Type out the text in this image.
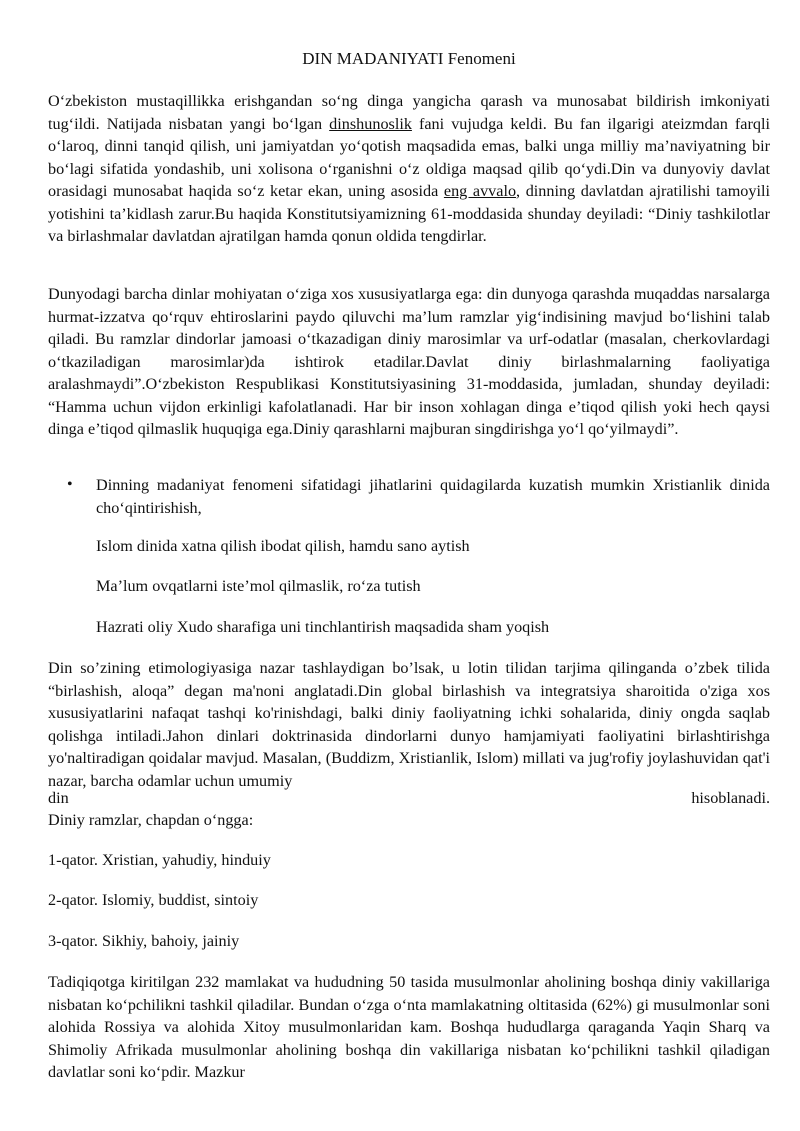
DIN MADANIYATI Fenomeni

O‘zbekiston mustaqillikka erishgandan so‘ng dinga yangicha qarash va munosabat bildirish imkoniyati tug‘ildi. Natijada nisbatan yangi bo‘lgan dinshunoslik fani vujudga keldi. Bu fan ilgarigi ateizmdan farqli o‘laroq, dinni tanqid qilish, uni jamiyatdan yo‘qotish maqsadida emas, balki unga milliy ma’naviyatning bir bo‘lagi sifatida yondashib, uni xolisona o‘rganishni o‘z oldiga maqsad qilib qo‘ydi.Din va dunyoviy davlat orasidagi munosabat haqida so‘z ketar ekan, uning asosida eng avvalo, dinning davlatdan ajratilishi tamoyili yotishini ta’kidlash zarur.Bu haqida Konstitutsiyamizning 61-moddasida shunday deyiladi: “Diniy tashkilotlar va birlashmalar davlatdan ajratilgan hamda qonun oldida tengdirlar.

Dunyodagi barcha dinlar mohiyatan o‘ziga xos xususiyatlarga ega: din dunyoga qarashda muqaddas narsalarga hurmat-izzatva qo‘rquv ehtiroslarini paydo qiluvchi ma’lum ramzlar yig‘indisining mavjud bo‘lishini talab qiladi. Bu ramzlar dindorlar jamoasi o‘tkazadigan diniy marosimlar va urf-odatlar (masalan, cherkovlardagi o‘tkaziladigan marosimlar)da ishtirok etadilar.Davlat diniy birlashmalarning faoliyatiga aralashmaydi”.O‘zbekiston Respublikasi Konstitutsiyasining 31-moddasida, jumladan, shunday deyiladi: “Hamma uchun vijdon erkinligi kafolatlanadi. Har bir inson xohlagan dinga e’tiqod qilish yoki hech qaysi dinga e’tiqod qilmaslik huquqiga ega.Diniy qarashlarni majburan singdirishga yo‘l qo‘yilmaydi”.

• Dinning madaniyat fenomeni sifatidagi jihatlarini quidagilarda kuzatish mumkin Xristianlik dinida cho‘qintirishish,

Islom dinida xatna qilish ibodat qilish, hamdu sano aytish

Ma’lum ovqatlarni iste’mol qilmaslik, ro‘za tutish

Hazrati oliy Xudo sharafiga uni tinchlantirish maqsadida sham yoqish

Din so’zining etimologiyasiga nazar tashlaydigan bo’lsak, u lotin tilidan tarjima qilinganda o’zbek tilida “birlashish, aloqa” degan ma'noni anglatadi.Din global birlashish va integratsiya sharoitida o'ziga xos xususiyatlarini nafaqat tashqi ko'rinishdagi, balki diniy faoliyatning ichki sohalarida, diniy ongda saqlab qolishga intiladi.Jahon dinlari doktrinasida dindorlarni dunyo hamjamiyati faoliyatini birlashtirishga yo'naltiradigan qoidalar mavjud. Masalan, (Buddizm, Xristianlik, Islom) millati va jug'rofiy joylashuvidan qat'i nazar, barcha odamlar uchun umumiy

din	hisoblanadi.

Diniy ramzlar, chapdan o‘ngga:

1-qator. Xristian, yahudiy, hinduiy

2-qator. Islomiy, buddist, sintoiy

3-qator. Sikhiy, bahoiy, jainiy

Tadiqiqotga kiritilgan 232 mamlakat va hududning 50 tasida musulmonlar aholining boshqa diniy vakillariga nisbatan ko‘pchilikni tashkil qiladilar. Bundan o‘zga o‘nta mamlakatning oltitasida (62%) gi musulmonlar soni alohida Rossiya va alohida Xitoy musulmonlaridan kam. Boshqa hududlarga qaraganda Yaqin Sharq va Shimoliy Afrikada musulmonlar aholining boshqa din vakillariga nisbatan ko‘pchilikni tashkil qiladigan davlatlar soni ko‘pdir. Mazkur
